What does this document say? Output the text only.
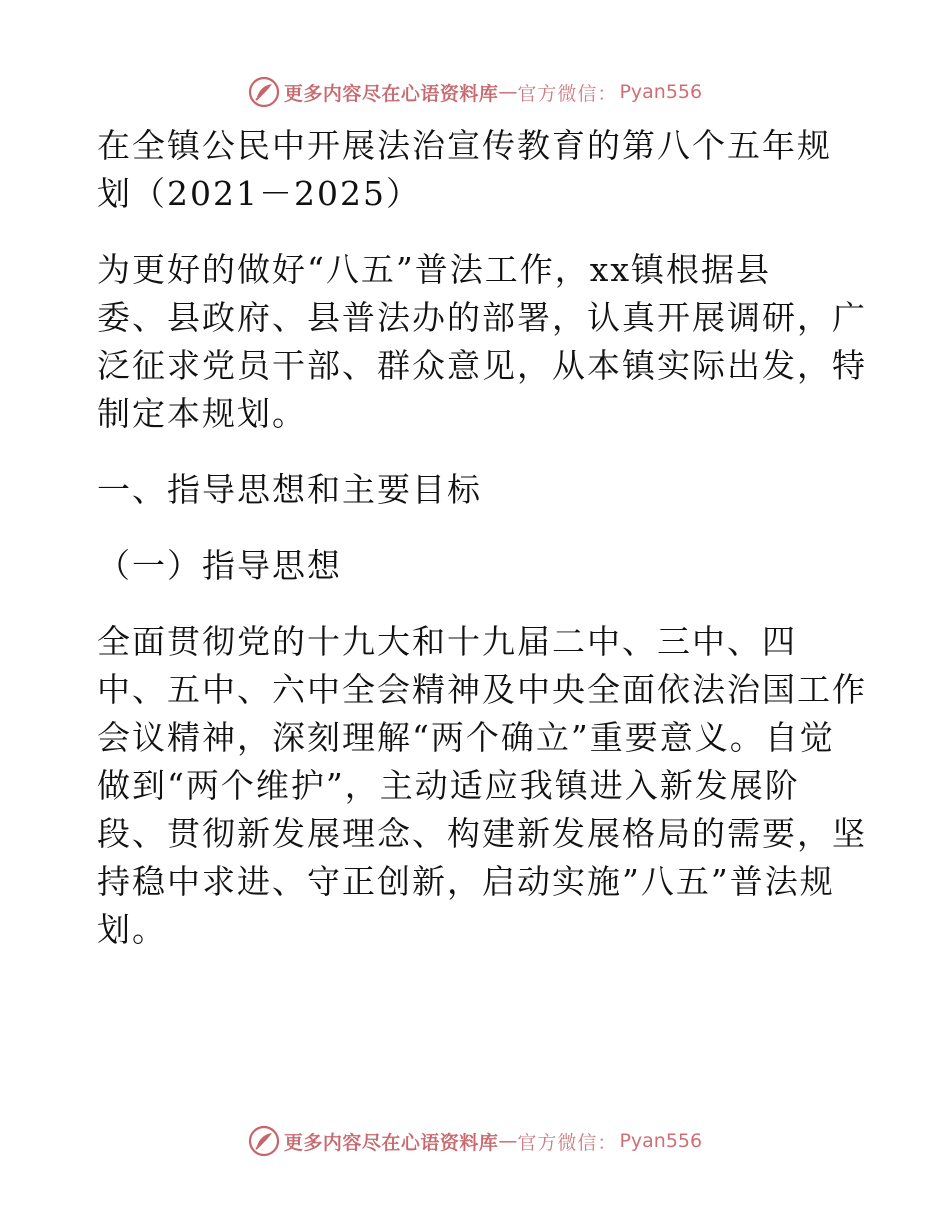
更多内容尽在心语资料库 — 官方微信： Pyan556
在全镇公民中开展法治宣传教育的第八个五年规
划（2021－2025）
为更好的做好“八五”普法工作，xx镇根据县
委、县政府、县普法办的部署，认真开展调研，广
泛征求党员干部、群众意见，从本镇实际出发，特
制定本规划。
一、指导思想和主要目标
（一）指导思想
全面贯彻党的十九大和十九届二中、三中、四
中、五中、六中全会精神及中央全面依法治国工作
会议精神，深刻理解“两个确立”重要意义。自觉
做到“两个维护”，主动适应我镇进入新发展阶
段、贯彻新发展理念、构建新发展格局的需要，坚
持稳中求进、守正创新，启动实施”八五”普法规
划。
更多内容尽在心语资料库 — 官方微信： Pyan556
